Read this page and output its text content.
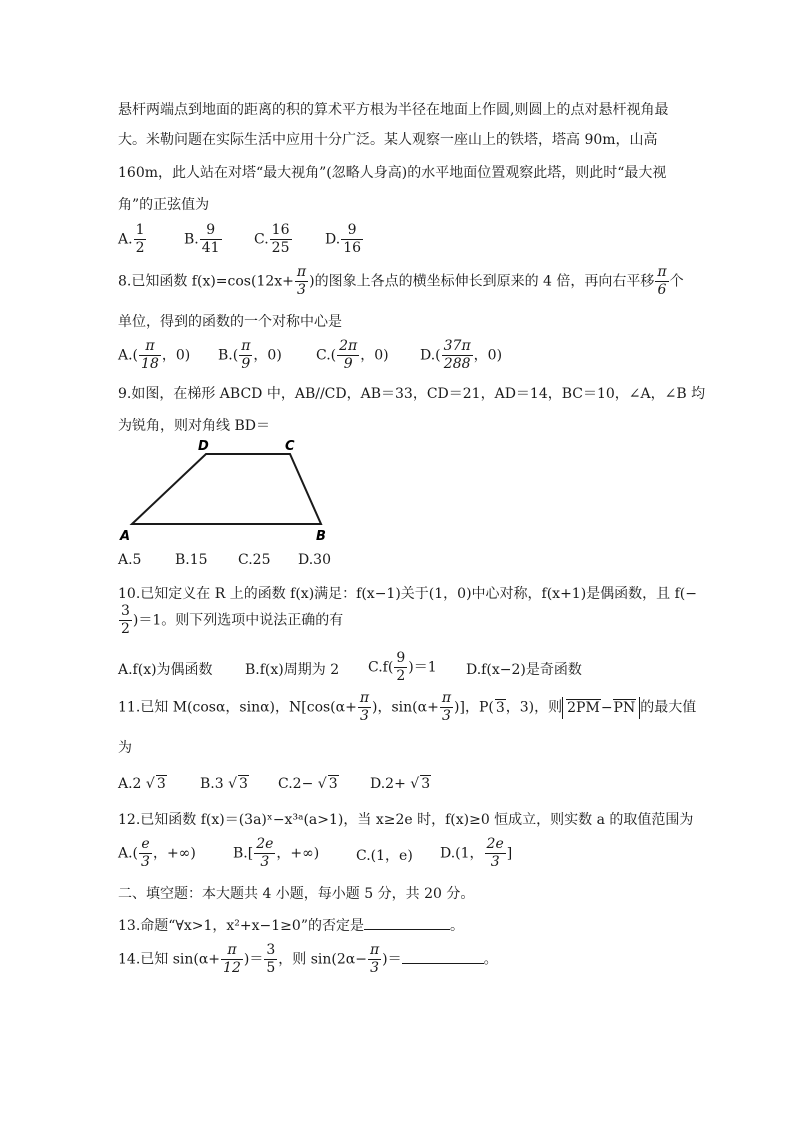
悬杆两端点到地面的距离的积的算术平方根为半径在地面上作圆,则圆上的点对悬杆视角最
大。米勒问题在实际生活中应用十分广泛。某人观察一座山上的铁塔，塔高 90m，山高
160m，此人站在对塔“最大视角”(忽略人身高)的水平地面位置观察此塔，则此时“最大视
角”的正弦值为
A. $\frac{1}{2}$	B. $\frac{9}{41} C$. $\frac{16}{25} D$. $\frac{9}{16}$
8.已知函数 $f(x)=\cos(12x+ \frac{\pi}{3}$ )的图象上各点的横坐标伸长到原来的 4 倍，再向右平移 $\frac{\pi}{6}$ 个
单位，得到的函数的一个对称中心是
$A.( \frac{\pi}{18}$ ，0) $B.( \frac{\pi}{9}$ ，0) $C.( \frac{2\pi}{9}$ ，0) $D.( \frac{37\pi}{288}$ ，0)
9.如图，在梯形 ABCD 中，AB//CD，AB＝33，CD＝21，AD＝14，BC＝10，∠A，∠B 均
为锐角，则对角线 BD＝
D	C
A	B
A.5 B.15 C.25 D.30
10.已知定义在 R 上的函数 f(x)满足：f(x−1)关于(1，0)中心对称，f(x+1)是偶函数，且 f(−
$\frac{3}{2} )=1$。则下列选项中说法正确的有
A.f(x)为偶函数 B.f(x)周期为 2 $C.f( \frac{9}{2} )=1$ D.f(x−2)是奇函数
11.已知 M(cosα，sinα)，$N[\cos(\alpha+ \frac{\pi}{3}$ )，$\sin(\alpha+ \frac{\pi}{3}$ )]，P( 3，3)，则 2PM−PN 的最大值
为
A.2 √ 3 B.3 √ 3 C.2− √ 3 D.2+ √ 3
12.已知函数 f(x)＝(3a)ˣ−x³ᵃ(a>1)，当 x≥2e 时，f(x)≥0 恒成立，则实数 a 的取值范围为
$A.( \frac{e}{3}$ ，+∞)	$B.[ \frac{2e}{3}$ ，+∞)	C.(1，e) D.(1， $\frac{2e}{3}$ ]
二、填空题：本大题共 4 小题，每小题 5 分，共 20 分。
13.命题“∀x>1，x²+x−1≥0”的否定是	。
14.已知 $\sin(\alpha+ \frac{\pi}{12}$ )＝ $\frac{3}{5}$ ，则 $\sin(2\alpha- \frac{\pi}{3}$ )＝	。
